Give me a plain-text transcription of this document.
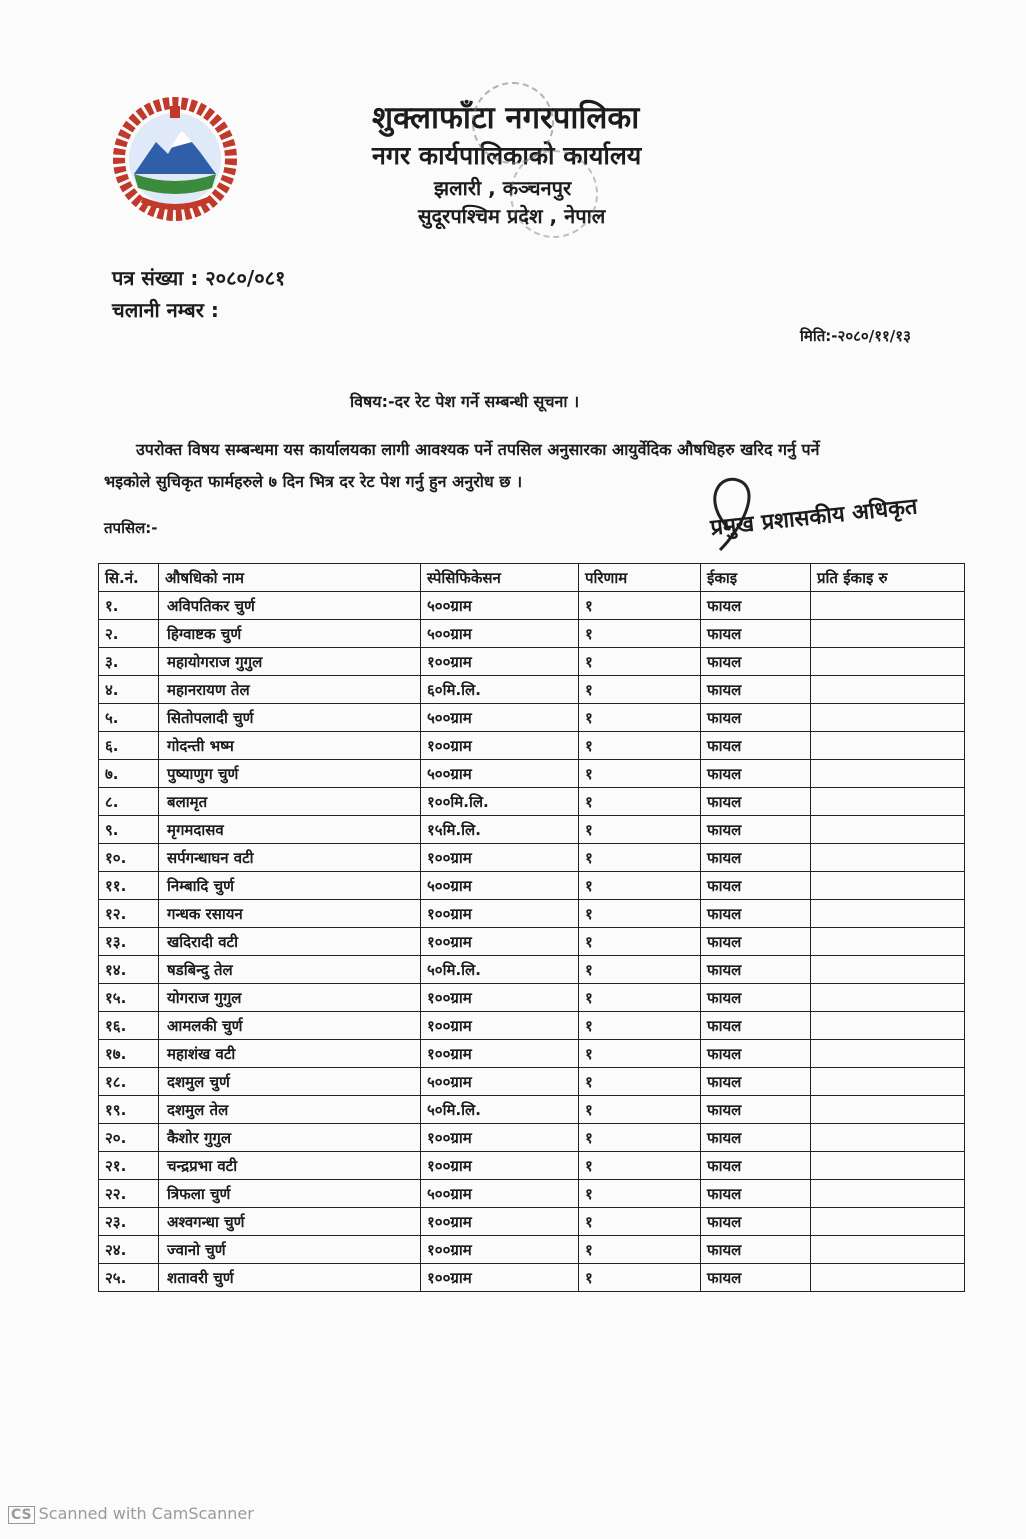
शुक्लाफाँटा नगरपालिका
नगर कार्यपालिकाको कार्यालय
झलारी , कञ्चनपुर
सुदूरपश्चिम प्रदेश , नेपाल
पत्र संख्या : २०८०/०८१
चलानी नम्बर :
मिति:-२०८०/११/१३
विषय:-दर रेट पेश गर्ने सम्बन्धी सूचना ।
उपरोक्त विषय सम्बन्धमा यस कार्यालयका लागी आवश्यक पर्ने तपसिल अनुसारका आयुर्वेदिक औषधिहरु खरिद गर्नु पर्ने
भइकोले सुचिकृत फार्महरुले ७ दिन भित्र दर रेट पेश गर्नु हुन अनुरोध छ ।
तपसिल:-	प्रमुख प्रशासकीय अधिकृत
सि.नं.	औषधिको नाम	स्पेसिफिकेसन	परिणाम	ईकाइ	प्रति ईकाइ रु
१.	अविपतिकर चुर्ण	५००ग्राम	१	फायल	
२.	हिग्वाष्टक चुर्ण	५००ग्राम	१	फायल	
३.	महायोगराज गुगुल	१००ग्राम	१	फायल	
४.	महानरायण तेल	६०मि.लि.	१	फायल	
५.	सितोपलादी चुर्ण	५००ग्राम	१	फायल	
६.	गोदन्ती भष्म	१००ग्राम	१	फायल	
७.	पुष्याणुग चुर्ण	५००ग्राम	१	फायल	
८.	बलामृत	१००मि.लि.	१	फायल	
९.	मृगमदासव	१५मि.लि.	१	फायल	
१०.	सर्पगन्धाघन वटी	१००ग्राम	१	फायल	
११.	निम्बादि चुर्ण	५००ग्राम	१	फायल	
१२.	गन्धक रसायन	१००ग्राम	१	फायल	
१३.	खदिरादी वटी	१००ग्राम	१	फायल	
१४.	षडबिन्दु तेल	५०मि.लि.	१	फायल	
१५.	योगराज गुगुल	१००ग्राम	१	फायल	
१६.	आमलकी चुर्ण	१००ग्राम	१	फायल	
१७.	महाशंख वटी	१००ग्राम	१	फायल	
१८.	दशमुल चुर्ण	५००ग्राम	१	फायल	
१९.	दशमुल तेल	५०मि.लि.	१	फायल	
२०.	कैशोर गुगुल	१००ग्राम	१	फायल	
२१.	चन्द्रप्रभा वटी	१००ग्राम	१	फायल	
२२.	त्रिफला चुर्ण	५००ग्राम	१	फायल	
२३.	अश्वगन्धा चुर्ण	१००ग्राम	१	फायल	
२४.	ज्वानो चुर्ण	१००ग्राम	१	फायल	
२५.	शतावरी चुर्ण	१००ग्राम	१	फायल	
CS Scanned with CamScanner
